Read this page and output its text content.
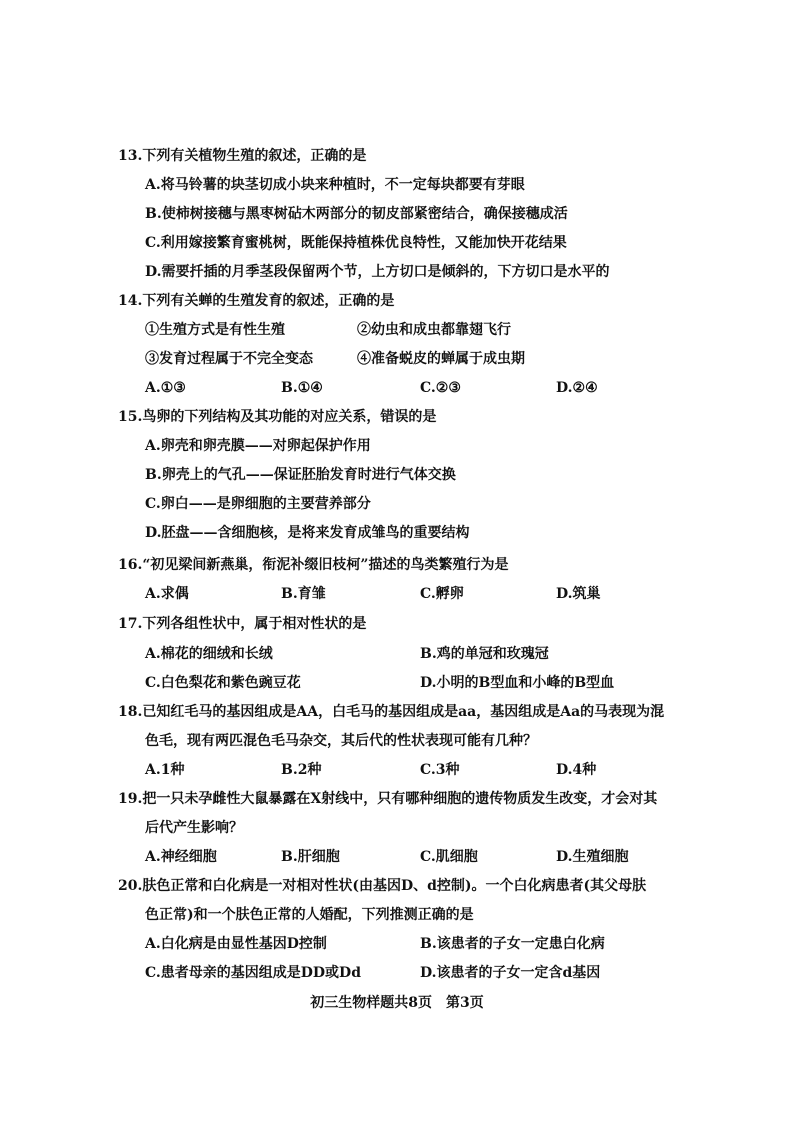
13.下列有关植物生殖的叙述，正确的是
A.将马铃薯的块茎切成小块来种植时，不一定每块都要有芽眼
B.使柿树接穗与黑枣树砧木两部分的韧皮部紧密结合，确保接穗成活
C.利用嫁接繁育蜜桃树，既能保持植株优良特性，又能加快开花结果
D.需要扦插的月季茎段保留两个节，上方切口是倾斜的，下方切口是水平的
14.下列有关蝉的生殖发育的叙述，正确的是
①生殖方式是有性生殖	②幼虫和成虫都靠翅飞行
③发育过程属于不完全变态	④准备蜕皮的蝉属于成虫期
A.①③	B.①④	C.②③	D.②④
15.鸟卵的下列结构及其功能的对应关系，错误的是
A.卵壳和卵壳膜——对卵起保护作用
B.卵壳上的气孔——保证胚胎发育时进行气体交换
C.卵白——是卵细胞的主要营养部分
D.胚盘——含细胞核，是将来发育成雏鸟的重要结构
16.“初见梁间新燕巢，衔泥补缀旧枝柯”描述的鸟类繁殖行为是
A.求偶	B.育雏	C.孵卵	D.筑巢
17.下列各组性状中，属于相对性状的是
A.棉花的细绒和长绒	B.鸡的单冠和玫瑰冠
C.白色梨花和紫色豌豆花	D.小明的B型血和小峰的B型血
18.已知红毛马的基因组成是AA，白毛马的基因组成是aa，基因组成是Aa的马表现为混
色毛，现有两匹混色毛马杂交，其后代的性状表现可能有几种？
A.1种	B.2种	C.3种	D.4种
19.把一只未孕雌性大鼠暴露在X射线中，只有哪种细胞的遗传物质发生改变，才会对其
后代产生影响？
A.神经细胞	B.肝细胞	C.肌细胞	D.生殖细胞
20.肤色正常和白化病是一对相对性状(由基因D、d控制)。一个白化病患者(其父母肤
色正常)和一个肤色正常的人婚配，下列推测正确的是
A.白化病是由显性基因D控制	B.该患者的子女一定患白化病
C.患者母亲的基因组成是DD或Dd	D.该患者的子女一定含d基因
初三生物样题共8页　第3页
